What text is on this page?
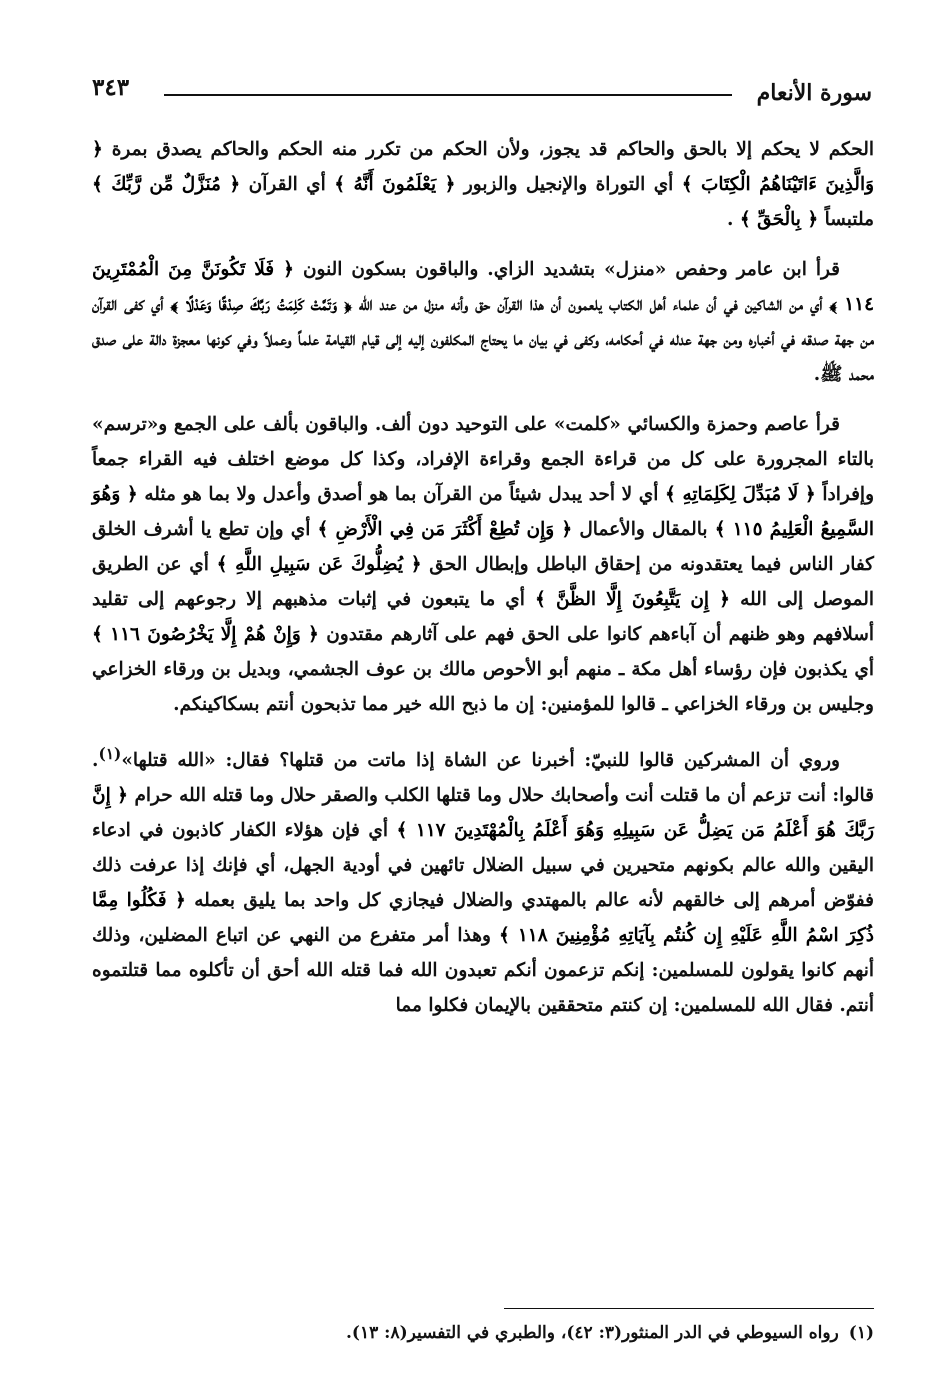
سورة الأنعام
٣٤٣

الحكم لا يحكم إلا بالحق والحاكم قد يجوز، ولأن الحكم من تكرر منه الحكم والحاكم يصدق بمرة ﴿ وَالَّذِينَ ءَاتَيْنَاهُمُ الْكِتَابَ ﴾ أي التوراة والإنجيل والزبور ﴿ يَعْلَمُونَ أَنَّهُ ﴾ أي القرآن ﴿ مُنَزَّلٌ مِّن رَّبِّكَ ﴾ ملتبساً ﴿ بِالْحَقِّ ﴾ .

قرأ ابن عامر وحفص «منزل» بتشديد الزاي. والباقون بسكون النون ﴿ فَلَا تَكُونَنَّ مِنَ الْمُمْتَرِينَ ١١٤ ﴾ أي من الشاكين في أن علماء أهل الكتاب يلعمون أن هذا القرآن حق وأنه منزل من عند الله ﴿ وَتَمَّتْ كَلِمَتُ رَبِّكَ صِدْقًا وَعَدْلًا ﴾ أي كفى القرآن من جهة صدقه في أخباره ومن جهة عدله في أحكامه، وكفى في بيان ما يحتاج المكلفون إليه إلى قيام القيامة علماً وعملاً وفي كونها معجزة دالة على صدق محمد ﷺ.

قرأ عاصم وحمزة والكسائي «كلمت» على التوحيد دون ألف. والباقون بألف على الجمع و«ترسم» بالتاء المجرورة على كل من قراءة الجمع وقراءة الإفراد، وكذا كل موضع اختلف فيه القراء جمعاً وإفراداً ﴿ لَا مُبَدِّلَ لِكَلِمَاتِهِ ﴾ أي لا أحد يبدل شيئاً من القرآن بما هو أصدق وأعدل ولا بما هو مثله ﴿ وَهُوَ السَّمِيعُ الْعَلِيمُ ١١٥ ﴾ بالمقال والأعمال ﴿ وَإِن تُطِعْ أَكْثَرَ مَن فِي الْأَرْضِ ﴾ أي وإن تطع يا أشرف الخلق كفار الناس فيما يعتقدونه من إحقاق الباطل وإبطال الحق ﴿ يُضِلُّوكَ عَن سَبِيلِ اللَّهِ ﴾ أي عن الطريق الموصل إلى الله ﴿ إِن يَتَّبِعُونَ إِلَّا الظَّنَّ ﴾ أي ما يتبعون في إثبات مذهبهم إلا رجوعهم إلى تقليد أسلافهم وهو ظنهم أن آباءهم كانوا على الحق فهم على آثارهم مقتدون ﴿ وَإِنْ هُمْ إِلَّا يَخْرُصُونَ ١١٦ ﴾ أي يكذبون فإن رؤساء أهل مكة ـ منهم أبو الأحوص مالك بن عوف الجشمي، وبديل بن ورقاء الخزاعي وجليس بن ورقاء الخزاعي ـ قالوا للمؤمنين: إن ما ذبح الله خير مما تذبحون أنتم بسكاكينكم.

وروي أن المشركين قالوا للنبيّ: أخبرنا عن الشاة إذا ماتت من قتلها؟ فقال: «الله قتلها»$^{(١)}$. قالوا: أنت تزعم أن ما قتلت أنت وأصحابك حلال وما قتلها الكلب والصقر حلال وما قتله الله حرام ﴿ إِنَّ رَبَّكَ هُوَ أَعْلَمُ مَن يَضِلُّ عَن سَبِيلِهِ وَهُوَ أَعْلَمُ بِالْمُهْتَدِينَ ١١٧ ﴾ أي فإن هؤلاء الكفار كاذبون في ادعاء اليقين والله عالم بكونهم متحيرين في سبيل الضلال تائهين في أودية الجهل، أي فإنك إذا عرفت ذلك ففوّض أمرهم إلى خالقهم لأنه عالم بالمهتدي والضلال فيجازي كل واحد بما يليق بعمله ﴿ فَكُلُوا مِمَّا ذُكِرَ اسْمُ اللَّهِ عَلَيْهِ إِن كُنتُم بِآيَاتِهِ مُؤْمِنِينَ ١١٨ ﴾ وهذا أمر متفرع من النهي عن اتباع المضلين، وذلك أنهم كانوا يقولون للمسلمين: إنكم تزعمون أنكم تعبدون الله فما قتله الله أحق أن تأكلوه مما قتلتموه أنتم. فقال الله للمسلمين: إن كنتم متحققين بالإيمان فكلوا مما

(١)رواه السيوطي في الدر المنثور(٣: ٤٢)، والطبري في التفسير(٨: ١٣).
